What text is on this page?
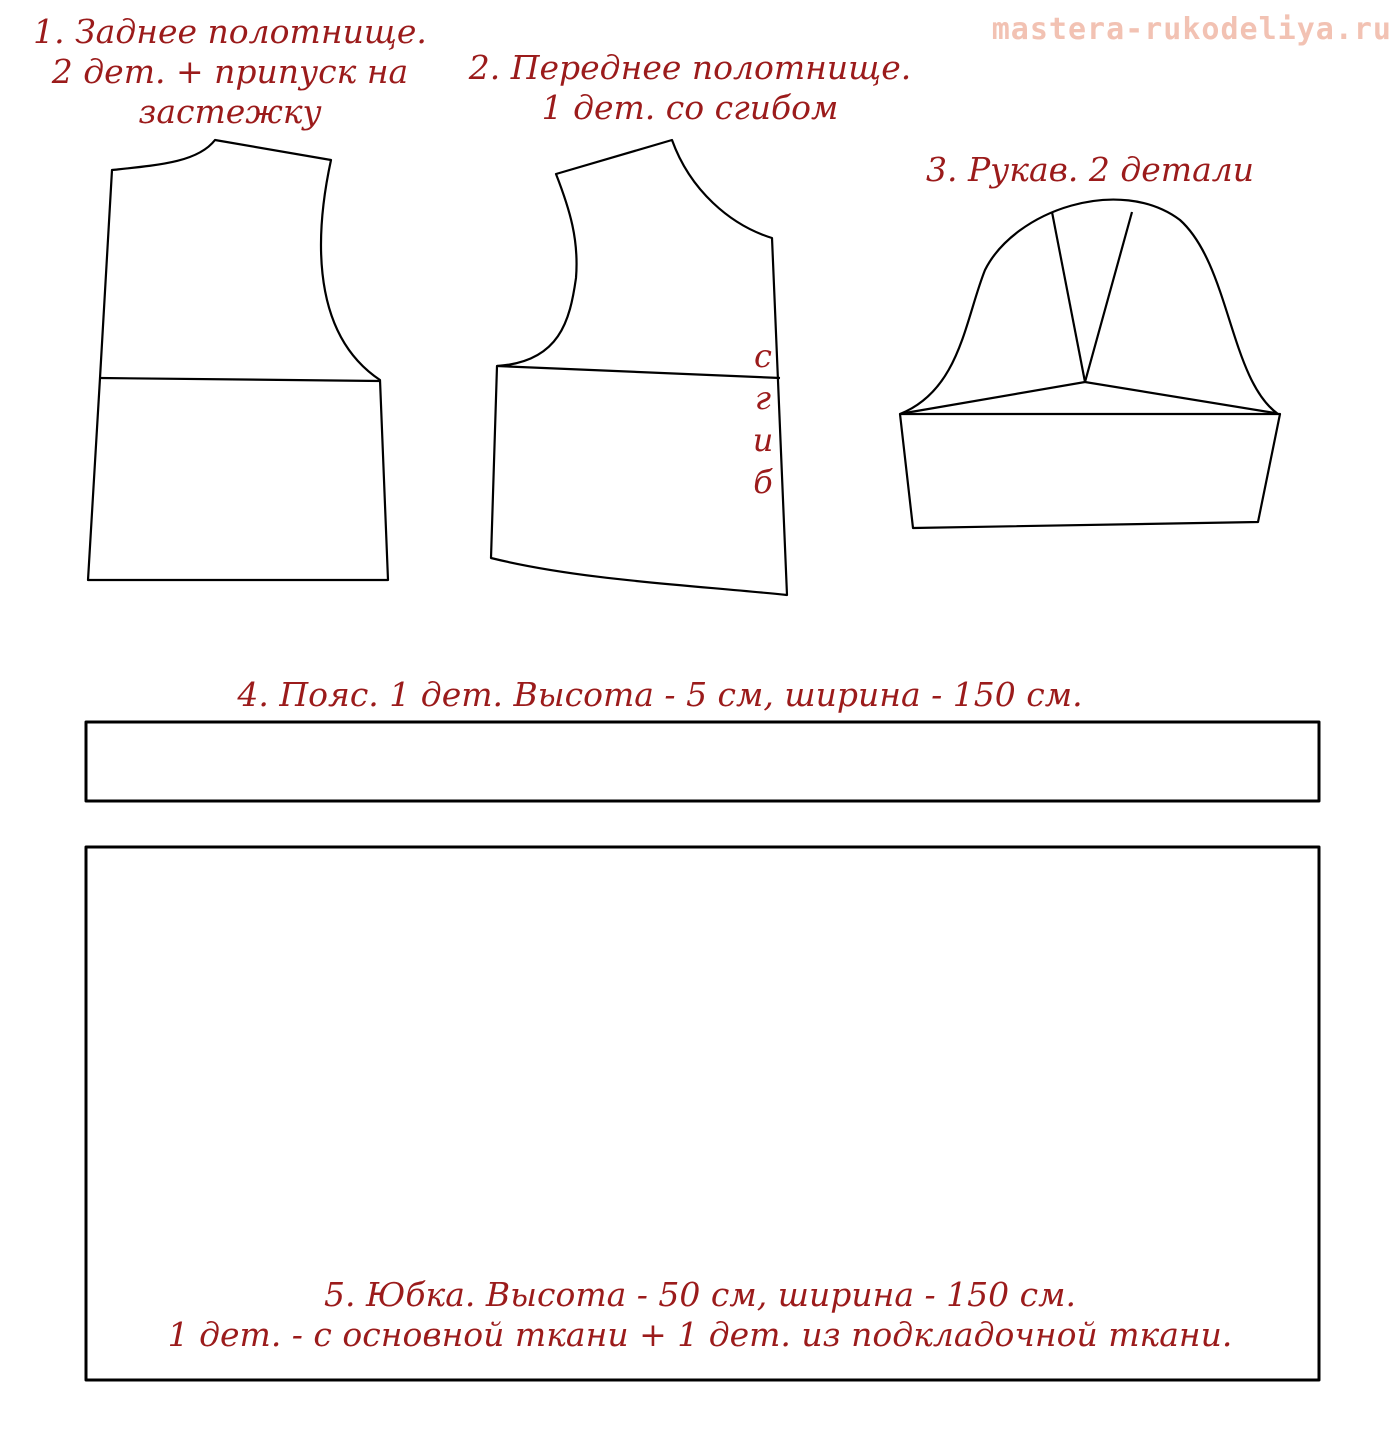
mastera-rukodeliya.ru
1. Заднее полотнище.
2 дет. + припуск на
застежку
2. Переднее полотнище.
1 дет. со сгибом
3. Рукав. 2 детали
4. Пояс. 1 дет. Высота - 5 см, ширина - 150 см.
5. Юбка. Высота - 50 см, ширина - 150 см.
1 дет. - с основной ткани + 1 дет. из подкладочной ткани.
с
г
и
б
